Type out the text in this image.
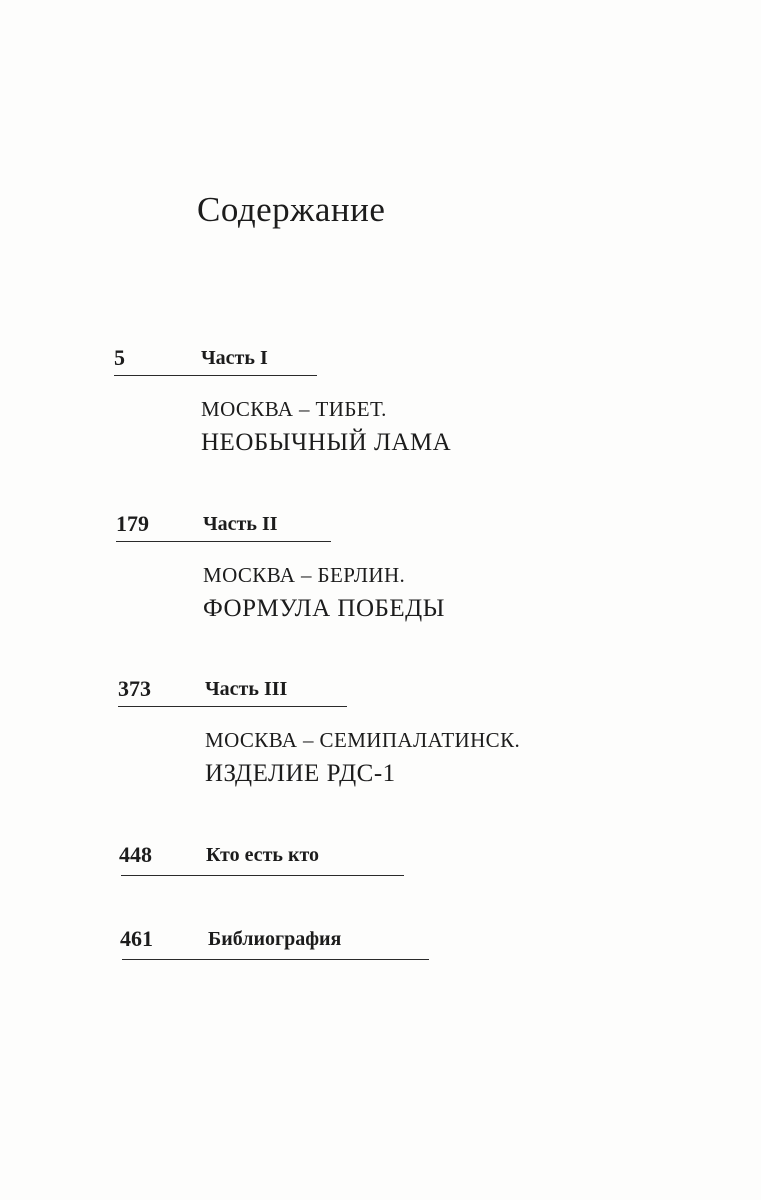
Содержание
5	Часть I
МОСКВА – ТИБЕТ.
НЕОБЫЧНЫЙ ЛАМА
179	Часть II
МОСКВА – БЕРЛИН.
ФОРМУЛА ПОБЕДЫ
373	Часть III
МОСКВА – СЕМИПАЛАТИНСК.
ИЗДЕЛИЕ РДС-1
448	Кто есть кто
461	Библиография
